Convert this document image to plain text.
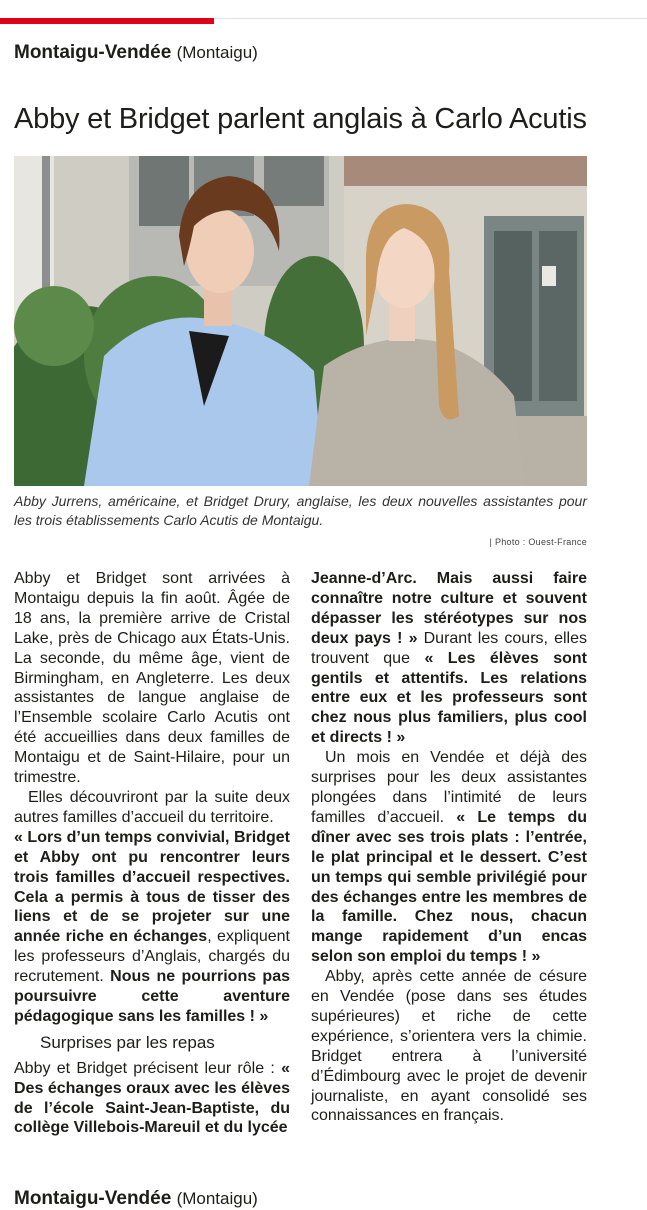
Montaigu-Vendée (Montaigu)
Abby et Bridget parlent anglais à Carlo Acutis
Abby Jurrens, américaine, et Bridget Drury, anglaise, les deux nouvelles assistantes pour les trois établissements Carlo Acutis de Montaigu.
| Photo : Ouest-France

Abby et Bridget sont arrivées à Montaigu depuis la fin août. Âgée de 18 ans, la première arrive de Cristal Lake, près de Chicago aux États-Unis. La seconde, du même âge, vient de Birmingham, en Angleterre. Les deux assistantes de langue anglaise de l’Ensemble scolaire Carlo Acutis ont été accueillies dans deux familles de Montaigu et de Saint-Hilaire, pour un trimestre.

Elles découvriront par la suite deux autres familles d’accueil du territoire.

« Lors d’un temps convivial, Bridget et Abby ont pu rencontrer leurs trois familles d’accueil respectives. Cela a permis à tous de tisser des liens et de se projeter sur une année riche en échanges, expliquent les professeurs d’Anglais, chargés du recrutement. Nous ne pourrions pas poursuivre cette aventure pédagogique sans les familles ! »

Surprises par les repas

Abby et Bridget précisent leur rôle : « Des échanges oraux avec les élèves de l’école Saint-Jean-Baptiste, du collège Villebois-Mareuil et du lycée

Jeanne-d’Arc. Mais aussi faire connaître notre culture et souvent dépasser les stéréotypes sur nos deux pays ! » Durant les cours, elles trouvent que « Les élèves sont gentils et attentifs. Les relations entre eux et les professeurs sont chez nous plus familiers, plus cool et directs ! »

Un mois en Vendée et déjà des surprises pour les deux assistantes plongées dans l’intimité de leurs familles d’accueil. « Le temps du dîner avec ses trois plats : l’entrée, le plat principal et le dessert. C’est un temps qui semble privilégié pour des échanges entre les membres de la famille. Chez nous, chacun mange rapidement d’un encas selon son emploi du temps ! »

Abby, après cette année de césure en Vendée (pose dans ses études supérieures) et riche de cette expérience, s’orientera vers la chimie. Bridget entrera à l’université d’Édimbourg avec le projet de devenir journaliste, en ayant consolidé ses connaissances en français.

Montaigu-Vendée (Montaigu)
